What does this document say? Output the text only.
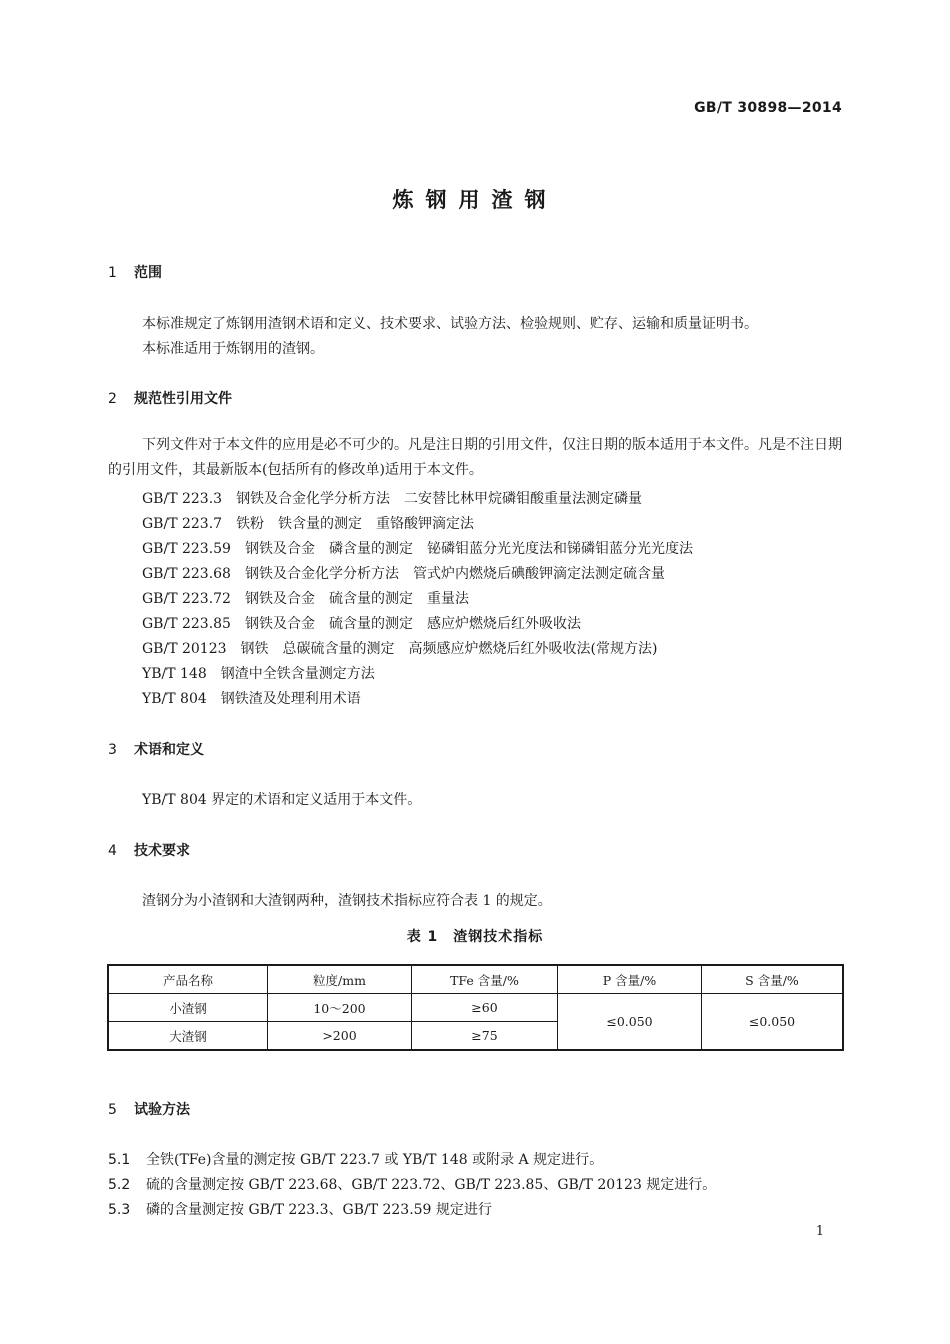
GB/T 30898—2014
炼钢用渣钢
1 范围
本标准规定了炼钢用渣钢术语和定义、技术要求、试验方法、检验规则、贮存、运输和质量证明书。
本标准适用于炼钢用的渣钢。
2 规范性引用文件
下列文件对于本文件的应用是必不可少的。凡是注日期的引用文件，仅注日期的版本适用于本文件。凡是不注日期的引用文件，其最新版本(包括所有的修改单)适用于本文件。
GB/T 223.3　 钢铁及合金化学分析方法　二安替比林甲烷磷钼酸重量法测定磷量
GB/T 223.7　 铁粉　铁含量的测定　重铬酸钾滴定法
GB/T 223.59　 钢铁及合金　磷含量的测定　铋磷钼蓝分光光度法和锑磷钼蓝分光光度法
GB/T 223.68　 钢铁及合金化学分析方法　管式炉内燃烧后碘酸钾滴定法测定硫含量
GB/T 223.72　 钢铁及合金　硫含量的测定　重量法
GB/T 223.85　 钢铁及合金　硫含量的测定　感应炉燃烧后红外吸收法
GB/T 20123　 钢铁　总碳硫含量的测定　高频感应炉燃烧后红外吸收法(常规方法)
YB/T 148　 钢渣中全铁含量测定方法
YB/T 804　 钢铁渣及处理利用术语
3 术语和定义
YB/T 804 界定的术语和定义适用于本文件。
4 技术要求
渣钢分为小渣钢和大渣钢两种，渣钢技术指标应符合表 1 的规定。
表 1　渣钢技术指标
产品名称	粒度/mm	TFe 含量/%	P 含量/%	S 含量/%
小渣钢	10～200	≥60	≤0.050	≤0.050
大渣钢	>200	≥75		
5 试验方法
5.1 全铁(TFe)含量的测定按 GB/T 223.7 或 YB/T 148 或附录 A 规定进行。
5.2 硫的含量测定按 GB/T 223.68、GB/T 223.72、GB/T 223.85、GB/T 20123 规定进行。
5.3 磷的含量测定按 GB/T 223.3、GB/T 223.59 规定进行
1
